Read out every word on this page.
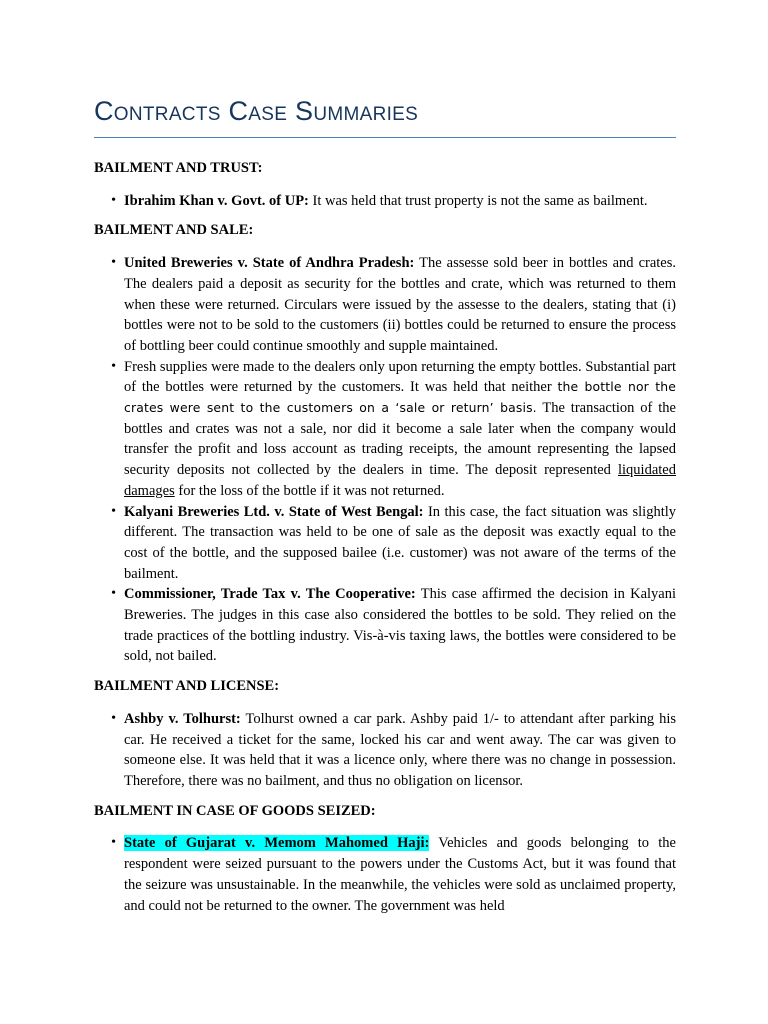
Contracts Case Summaries
BAILMENT AND TRUST:
• Ibrahim Khan v. Govt. of UP: It was held that trust property is not the same as bailment.
BAILMENT AND SALE:
• United Breweries v. State of Andhra Pradesh: The assesse sold beer in bottles and crates. The dealers paid a deposit as security for the bottles and crate, which was returned to them when these were returned. Circulars were issued by the assesse to the dealers, stating that (i) bottles were not to be sold to the customers (ii) bottles could be returned to ensure the process of bottling beer could continue smoothly and supple maintained.
• Fresh supplies were made to the dealers only upon returning the empty bottles. Substantial part of the bottles were returned by the customers. It was held that neither the bottle nor the crates were sent to the customers on a ‘sale or return’ basis. The transaction of the bottles and crates was not a sale, nor did it become a sale later when the company would transfer the profit and loss account as trading receipts, the amount representing the lapsed security deposits not collected by the dealers in time. The deposit represented liquidated damages for the loss of the bottle if it was not returned.
• Kalyani Breweries Ltd. v. State of West Bengal: In this case, the fact situation was slightly different. The transaction was held to be one of sale as the deposit was exactly equal to the cost of the bottle, and the supposed bailee (i.e. customer) was not aware of the terms of the bailment.
• Commissioner, Trade Tax v. The Cooperative: This case affirmed the decision in Kalyani Breweries. The judges in this case also considered the bottles to be sold. They relied on the trade practices of the bottling industry. Vis-à-vis taxing laws, the bottles were considered to be sold, not bailed.
BAILMENT AND LICENSE:
• Ashby v. Tolhurst: Tolhurst owned a car park. Ashby paid 1/- to attendant after parking his car. He received a ticket for the same, locked his car and went away. The car was given to someone else. It was held that it was a licence only, where there was no change in possession. Therefore, there was no bailment, and thus no obligation on licensor.
BAILMENT IN CASE OF GOODS SEIZED:
• State of Gujarat v. Memom Mahomed Haji: Vehicles and goods belonging to the respondent were seized pursuant to the powers under the Customs Act, but it was found that the seizure was unsustainable. In the meanwhile, the vehicles were sold as unclaimed property, and could not be returned to the owner. The government was held
